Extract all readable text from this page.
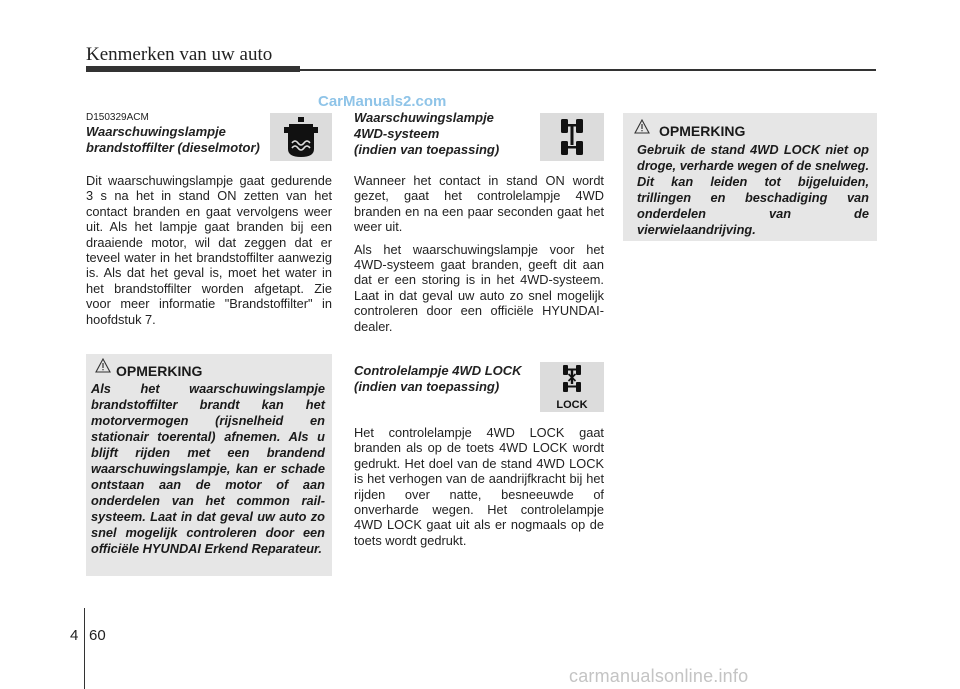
Kenmerken van uw auto
CarManuals2.com
D150329ACM
Waarschuwingslampje
brandstoffilter (dieselmotor)
Dit waarschuwingslampje gaat gedurende 3 s na het in stand ON zetten van het contact branden en gaat vervolgens weer uit. Als het lampje gaat branden bij een draaiende motor, wil dat zeggen dat er teveel water in het brandstoffilter aanwezig is. Als dat het geval is, moet het water in het brandstoffilter worden afgetapt. Zie voor meer informatie "Brandstoffilter" in hoofdstuk 7.
OPMERKING
Als het waarschuwingslampje brandstoffilter brandt kan het motorvermogen (rijsnelheid en stationair toerental) afnemen. Als u blijft rijden met een brandend waarschuwingslampje, kan er schade ontstaan aan de motor of aan onderdelen van het common rail-systeem. Laat in dat geval uw auto zo snel mogelijk controleren door een officiële HYUNDAI Erkend Reparateur.
Waarschuwingslampje
4WD-systeem
(indien van toepassing)

Wanneer het contact in stand ON wordt gezet, gaat het controlelampje 4WD branden en na een paar seconden gaat het weer uit.

Als het waarschuwingslampje voor het 4WD-systeem gaat branden, geeft dit aan dat er een storing is in het 4WD-systeem. Laat in dat geval uw auto zo snel mogelijk controleren door een officiële HYUNDAI-dealer.

Controlelampje 4WD LOCK
(indien van toepassing)
LOCK
Het controlelampje 4WD LOCK gaat branden als op de toets 4WD LOCK wordt gedrukt. Het doel van de stand 4WD LOCK is het verhogen van de aandrijfkracht bij het rijden over natte, besneeuwde of onverharde wegen. Het controlelampje 4WD LOCK gaat uit als er nogmaals op de toets wordt gedrukt.
OPMERKING
Gebruik de stand 4WD LOCK niet op droge, verharde wegen of de snelweg. Dit kan leiden tot bijgeluiden, trillingen en beschadiging van onderdelen van de vierwielaandrijving.
4 60
carmanualsonline.info
